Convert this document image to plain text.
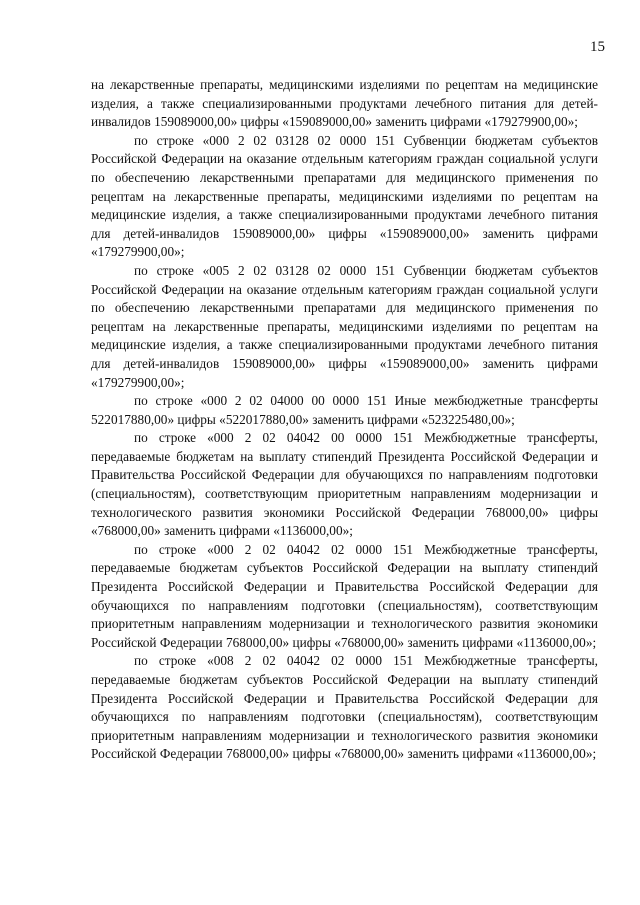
15

на лекарственные препараты, медицинскими изделиями по рецептам на медицинские изделия, а также специализированными продуктами лечебного питания для детей-инвалидов 159089000,00» цифры «159089000,00» заменить цифрами «179279900,00»;

по строке «000 2 02 03128 02 0000 151 Субвенции бюджетам субъектов Российской Федерации на оказание отдельным категориям граждан социальной услуги по обеспечению лекарственными препаратами для медицинского применения по рецептам на лекарственные препараты, медицинскими изделиями по рецептам на медицинские изделия, а также специализированными продуктами лечебного питания для детей-инвалидов 159089000,00» цифры «159089000,00» заменить цифрами «179279900,00»;

по строке «005 2 02 03128 02 0000 151 Субвенции бюджетам субъектов Российской Федерации на оказание отдельным категориям граждан социальной услуги по обеспечению лекарственными препаратами для медицинского применения по рецептам на лекарственные препараты, медицинскими изделиями по рецептам на медицинские изделия, а также специализированными продуктами лечебного питания для детей-инвалидов 159089000,00» цифры «159089000,00» заменить цифрами «179279900,00»;

по строке «000 2 02 04000 00 0000 151 Иные межбюджетные трансферты 522017880,00» цифры «522017880,00» заменить цифрами «523225480,00»;

по строке «000 2 02 04042 00 0000 151 Межбюджетные трансферты, передаваемые бюджетам на выплату стипендий Президента Российской Федерации и Правительства Российской Федерации для обучающихся по направлениям подготовки (специальностям), соответствующим приоритетным направлениям модернизации и технологического развития экономики Российской Федерации 768000,00» цифры «768000,00» заменить цифрами «1136000,00»;

по строке «000 2 02 04042 02 0000 151 Межбюджетные трансферты, передаваемые бюджетам субъектов Российской Федерации на выплату стипендий Президента Российской Федерации и Правительства Российской Федерации для обучающихся по направлениям подготовки (специальностям), соответствующим приоритетным направлениям модернизации и технологического развития экономики Российской Федерации 768000,00» цифры «768000,00» заменить цифрами «1136000,00»;

по строке «008 2 02 04042 02 0000 151 Межбюджетные трансферты, передаваемые бюджетам субъектов Российской Федерации на выплату стипендий Президента Российской Федерации и Правительства Российской Федерации для обучающихся по направлениям подготовки (специальностям), соответствующим приоритетным направлениям модернизации и технологического развития экономики Российской Федерации 768000,00» цифры «768000,00» заменить цифрами «1136000,00»;
